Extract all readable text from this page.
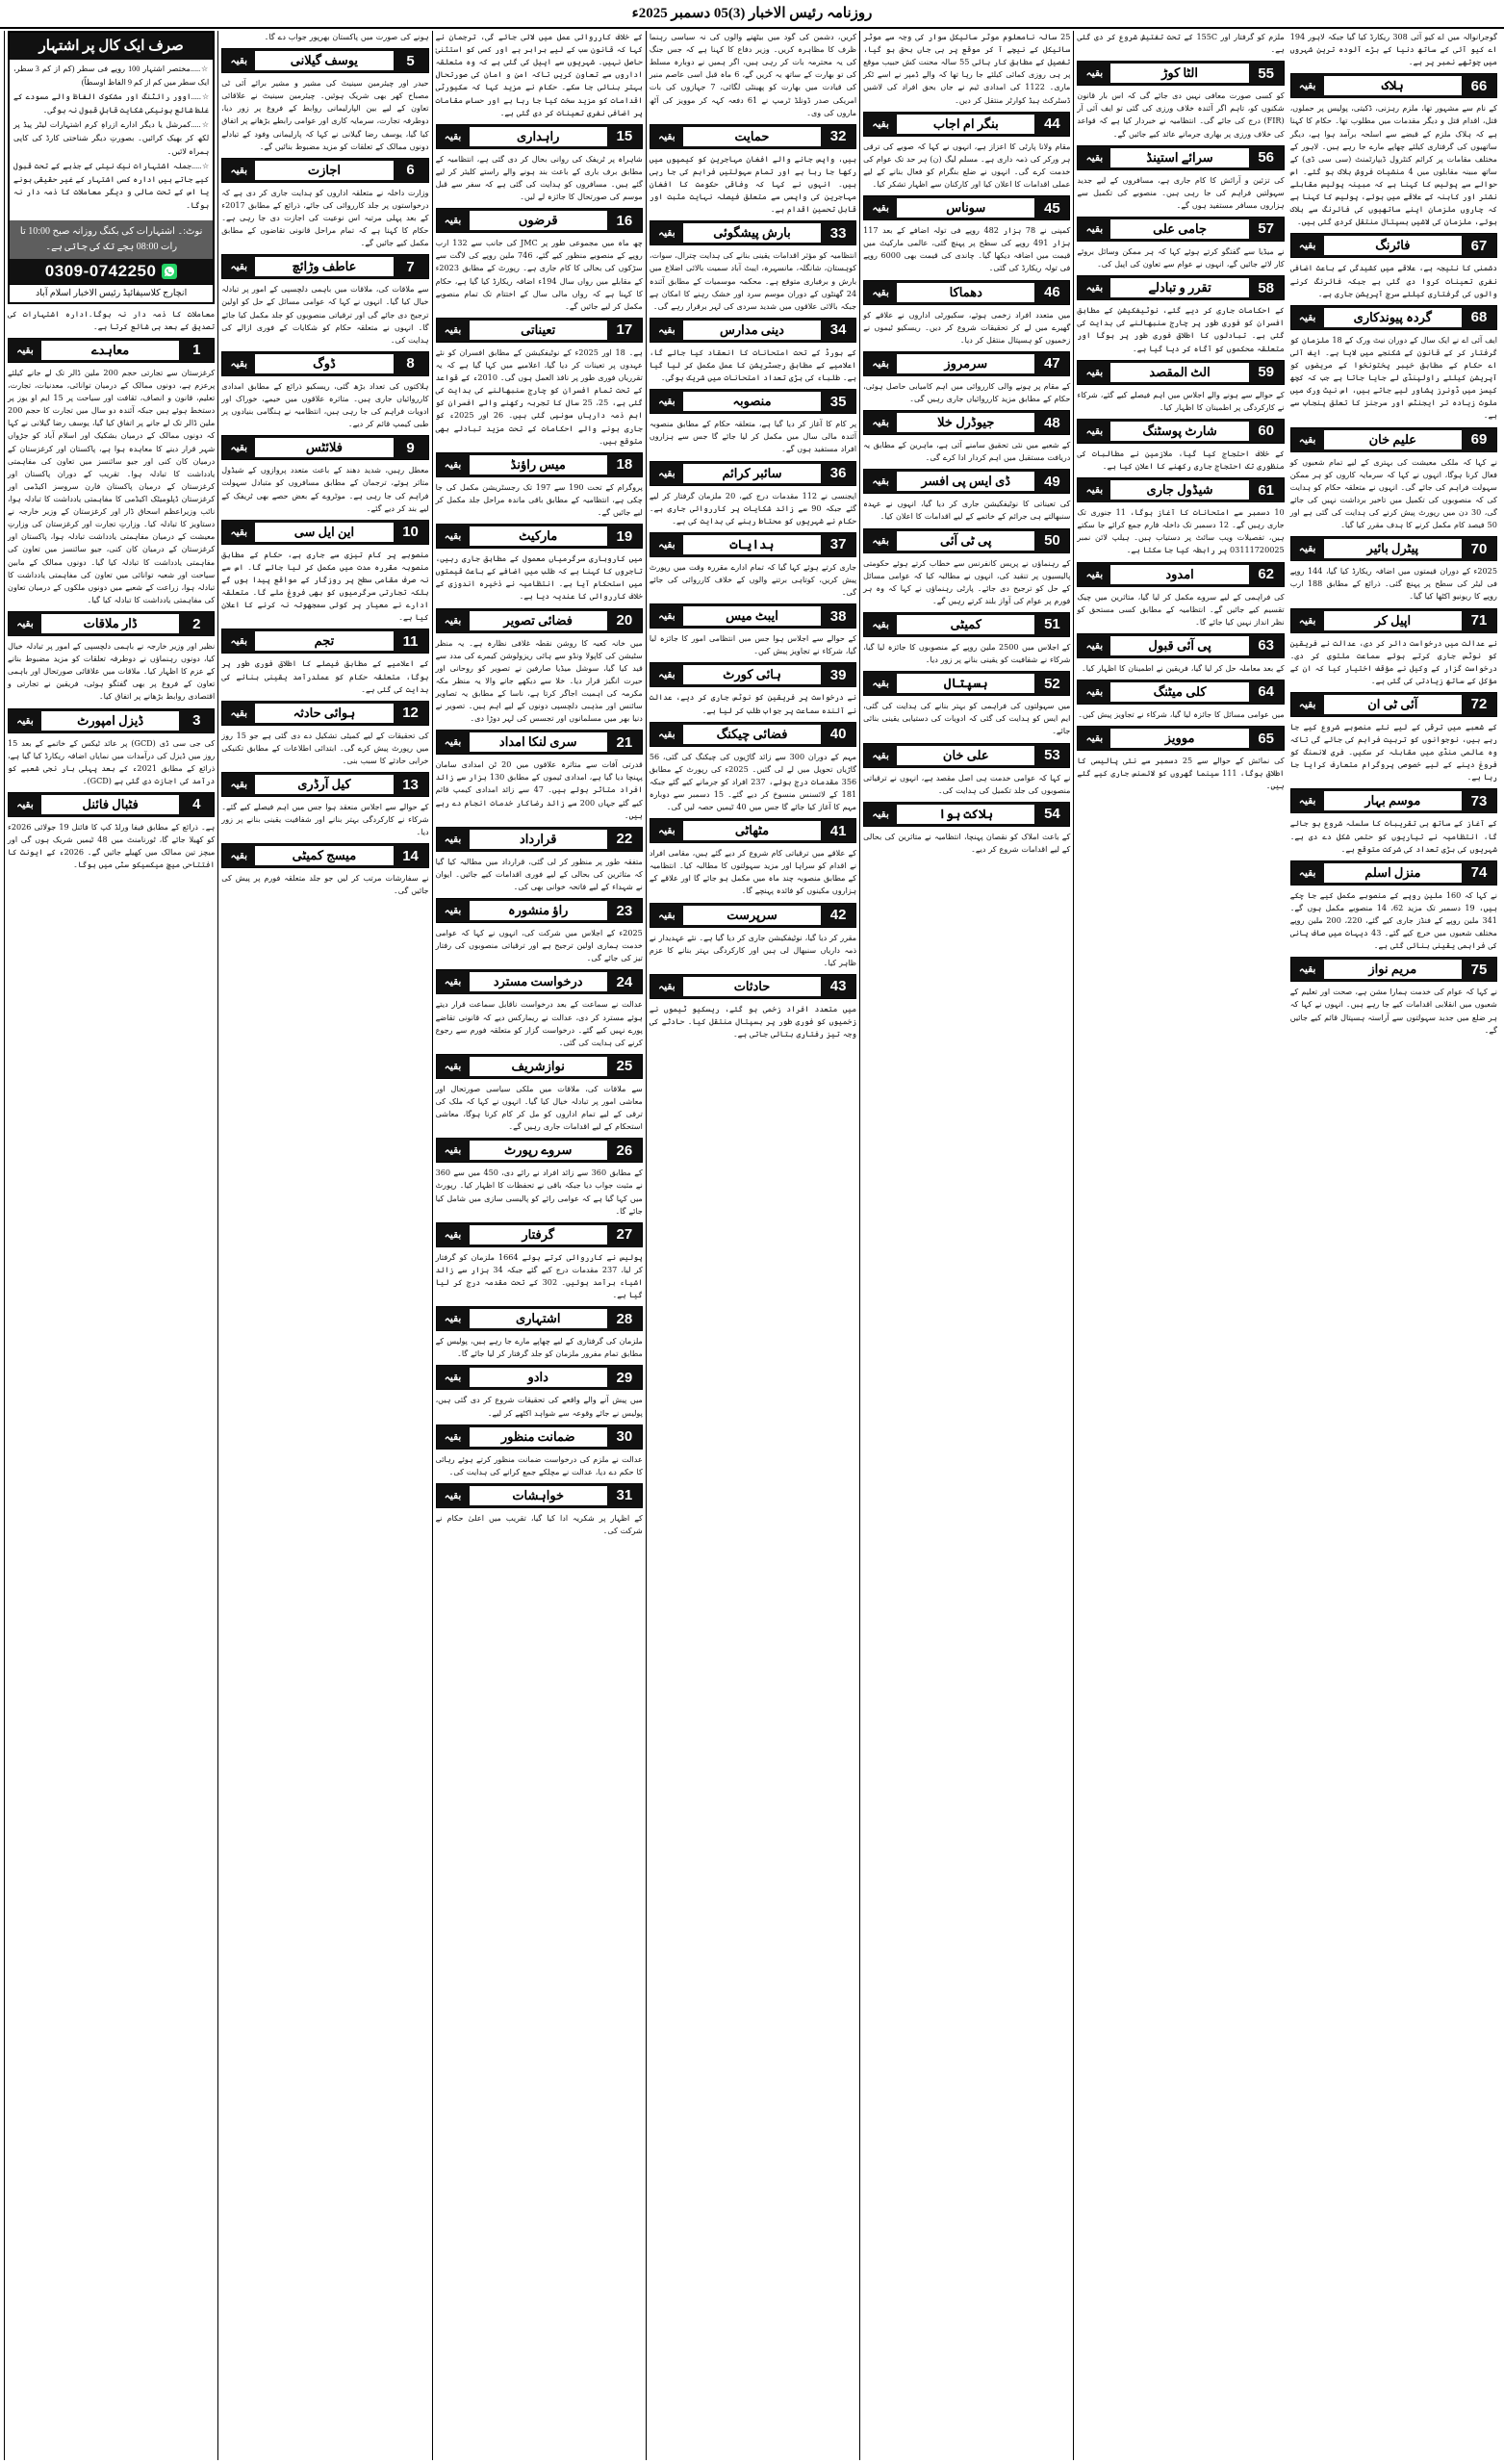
روزنامہ رئیس الاخبار (3)05 دسمبر 2025ء
صرف ایک کال پر اشتہار

☆.....مختصر اشتہار 100 روپے فی سطر (کم از کم 3 سطر، ایک سطر میں کم از کم 9 الفاظ اوسطاً)

☆.....اوور رائٹنگ اور مشکوک الفاظ والے مسودے کے غلط شائع ہونیکی شکایت قابلِ قبول نہ ہوگی۔

☆.....کمرشل یا دیگر ادارے ازراہِ کرم اشتہارات لیٹر پیڈ پر لکھ کر بھیک کرائیں۔ بصورتِ دیگر شناختی کارڈ کی کاپی ہمراہ لائیں۔

☆.....جملہ اشتہارات نیک نیتی کے جذبے کے تحت قبول کیے جاتے ہیں ادارہ کسی اشتہار کے غیر حقیقی ہونے یا اس کے تحت مالی و دیگر معاملات کا ذمہ دار نہ ہوگا۔

نوٹ:۔ اشتہارات کی بکنگ روزانہ صبح 10:00 تا رات 08:00 بجے تک کی جاتی ہے۔
0309-0742250
انچارج کلاسیفائیڈ رئیس الاخبار اسلام آباد

معاملات کا ذمہ دار نہ ہوگا۔ادارہ اشتہارات کی تصدیق کے بعد ہی شائع کرتا ہے۔

بقیہ	معاہدے	1

کرغزستان سے تجارتی حجم 200 ملین ڈالر تک لے جانے کیلئے پرعزم ہے، دونوں ممالک کے درمیان توانائی، معدنیات، تجارت، تعلیم، قانون و انصاف، ثقافت اور سیاحت پر 15 ایم او یوز پر دستخط ہوئے ہیں جبکہ آئندہ دو سال میں تجارت کا حجم 200 ملین ڈالر تک لے جانے پر اتفاق کیا گیا، یوسف رضا گیلانی نے کہا کہ دونوں ممالک کے درمیان بشکیک اور اسلام آباد کو جڑواں شہر قرار دینے کا معاہدہ ہوا ہے، پاکستان اور کرغزستان کے درمیان کان کنی اور جیو سائنسز میں تعاون کی مفاہمتی یادداشت کا تبادلہ ہوا۔ تقریب کے دوران پاکستان اور کرغزستان کے درمیان پاکستان فارن سروسز اکیڈمی اور کرغزستان ڈپلومیٹک اکیڈمی کا مفاہمتی یادداشت کا تبادلہ ہوا، نائب وزیراعظم اسحاق ڈار اور کرغزستان کے وزیر خارجہ نے دستاویز کا تبادلہ کیا۔ وزارتِ تجارت اور کرغزستان کی وزارتِ معیشت کے درمیان مفاہمتی یادداشت تبادلہ ہوا، پاکستان اور کرغزستان کے درمیان کان کنی، جیو سائنسز میں تعاون کی مفاہمتی یادداشت کا تبادلہ کیا گیا۔ دونوں ممالک کے مابین سیاحت اور شعبہ توانائی میں تعاون کی مفاہمتی یادداشت کا تبادلہ ہوا، زراعت کے شعبے میں دونوں ملکوں کے درمیان تعاون کی مفاہمتی یادداشت کا تبادلہ کیا گیا۔

بقیہ	ڈار ملاقات	2

نظیر اور وزیر خارجہ نے باہمی دلچسپی کے امور پر تبادلہ خیال کیا، دونوں رہنماؤں نے دوطرفہ تعلقات کو مزید مضبوط بنانے کے عزم کا اظہار کیا۔ ملاقات میں علاقائی صورتحال اور باہمی تعاون کے فروغ پر بھی گفتگو ہوئی، فریقین نے تجارتی و اقتصادی روابط بڑھانے پر اتفاق کیا۔

بقیہ	ڈیزل امپورٹ	3

کی جی سی ڈی (GCD) پر عائد ٹیکس کے خاتمے کے بعد 15 روز میں ڈیزل کی درآمدات میں نمایاں اضافہ ریکارڈ کیا گیا ہے، ذرائع کے مطابق 2021ء کے بعد پہلی بار نجی شعبے کو درآمد کی اجازت دی گئی ہے (GCD)۔

بقیہ	فٹبال فائنل	4

ہے۔ ذرائع کے مطابق فیفا ورلڈ کپ کا فائنل 19 جولائی 2026ء کو کھیلا جائے گا، ٹورنامنٹ میں 48 ٹیمیں شریک ہوں گی اور میچز تین ممالک میں کھیلے جائیں گے۔ 2026ء کے ایونٹ کا افتتاحی میچ میکسیکو سٹی میں ہوگا۔

ہونے کی صورت میں پاکستان بھرپور جواب دے گا۔

بقیہ	یوسف گیلانی	5

حیدر اور چیئرمین سینیٹ کی مشیر و مشیر برائے آئی ٹی مصباح کھر بھی شریک ہوئیں۔ چیئرمین سینیٹ نے علاقائی تعاون کے لیے بین الپارلیمانی روابط کے فروغ پر زور دیا، دوطرفہ تجارت، سرمایہ کاری اور عوامی رابطے بڑھانے پر اتفاق کیا گیا، یوسف رضا گیلانی نے کہا کہ پارلیمانی وفود کے تبادلے دونوں ممالک کے تعلقات کو مزید مضبوط بنائیں گے۔

بقیہ	اجازت	6

وزارت داخلہ نے متعلقہ اداروں کو ہدایت جاری کر دی ہے کہ درخواستوں پر جلد کارروائی کی جائے، ذرائع کے مطابق 2017ء کے بعد پہلی مرتبہ اس نوعیت کی اجازت دی جا رہی ہے۔ حکام کا کہنا ہے کہ تمام مراحل قانونی تقاضوں کے مطابق مکمل کیے جائیں گے۔

بقیہ	عاطف وڑائچ	7

سے ملاقات کی، ملاقات میں باہمی دلچسپی کے امور پر تبادلہ خیال کیا گیا۔ انہوں نے کہا کہ عوامی مسائل کے حل کو اولین ترجیح دی جائے گی اور ترقیاتی منصوبوں کو جلد مکمل کیا جائے گا۔ انہوں نے متعلقہ حکام کو شکایات کے فوری ازالے کی ہدایت کی۔

بقیہ	ڈوگ	8

ہلاکتوں کی تعداد بڑھ گئی، ریسکیو ذرائع کے مطابق امدادی کارروائیاں جاری ہیں۔ متاثرہ علاقوں میں خیمے، خوراک اور ادویات فراہم کی جا رہی ہیں، انتظامیہ نے ہنگامی بنیادوں پر طبی کیمپ قائم کر دیے۔

بقیہ	فلائٹس	9

معطل رہیں، شدید دھند کے باعث متعدد پروازوں کے شیڈول متاثر ہوئے، ترجمان کے مطابق مسافروں کو متبادل سہولت فراہم کی جا رہی ہے۔ موٹروے کے بعض حصے بھی ٹریفک کے لیے بند کر دیے گئے۔

بقیہ	این ایل سی	10

منصوبے پر کام تیزی سے جاری ہے، حکام کے مطابق منصوبہ مقررہ مدت میں مکمل کر لیا جائے گا۔ اس سے نہ صرف مقامی سطح پر روزگار کے مواقع پیدا ہوں گے بلکہ تجارتی سرگرمیوں کو بھی فروغ ملے گا۔ متعلقہ ادارے نے معیار پر کوئی سمجھوتہ نہ کرنے کا اعلان کیا ہے۔

بقیہ	تجم	11

کے اعلامیے کے مطابق فیصلے کا اطلاق فوری طور پر ہوگا، متعلقہ حکام کو عملدرآمد یقینی بنانے کی ہدایت کی گئی ہے۔

بقیہ	ہوائی حادثہ	12

کی تحقیقات کے لیے کمیٹی تشکیل دے دی گئی ہے جو 15 روز میں رپورٹ پیش کرے گی۔ ابتدائی اطلاعات کے مطابق تکنیکی خرابی حادثے کا سبب بنی۔

بقیہ	کیل آرڈری	13

کے حوالے سے اجلاس منعقد ہوا جس میں اہم فیصلے کیے گئے۔ شرکاء نے کارکردگی بہتر بنانے اور شفافیت یقینی بنانے پر زور دیا۔

بقیہ	میسج کمیٹی	14

نے سفارشات مرتب کر لیں جو جلد متعلقہ فورم پر پیش کی جائیں گی۔

کے خلاف کارروائی عمل میں لائی جائے گی، ترجمان نے کہا کہ قانون سب کے لیے برابر ہے اور کسی کو استثنیٰ حاصل نہیں۔ شہریوں سے اپیل کی گئی ہے کہ وہ متعلقہ اداروں سے تعاون کریں تاکہ امن و امان کی صورتحال بہتر بنائی جا سکے۔ حکام نے مزید کہا کہ سکیورٹی اقدامات کو مزید سخت کیا جا رہا ہے اور حساس مقامات پر اضافی نفری تعینات کر دی گئی ہے۔

بقیہ	راہداری	15

شاہراہ پر ٹریفک کی روانی بحال کر دی گئی ہے، انتظامیہ کے مطابق برف باری کے باعث بند ہونے والے راستے کلیئر کر لیے گئے ہیں۔ مسافروں کو ہدایت کی گئی ہے کہ سفر سے قبل موسم کی صورتحال کا جائزہ لے لیں۔

بقیہ	قرضوں	16

چھ ماہ میں مجموعی طور پر JMC کی جانب سے 132 ارب روپے کے منصوبے منظور کیے گئے، 746 ملین روپے کی لاگت سے سڑکوں کی بحالی کا کام جاری ہے۔ رپورٹ کے مطابق 2023ء کے مقابلے میں رواں سال 194ء اضافہ ریکارڈ کیا گیا ہے، حکام کا کہنا ہے کہ رواں مالی سال کے اختتام تک تمام منصوبے مکمل کر لیے جائیں گے۔

بقیہ	تعیناتی	17

ہے۔ 18 اور 2025ء کے نوٹیفکیشن کے مطابق افسران کو نئے عہدوں پر تعینات کر دیا گیا، اعلامیے میں کہا گیا ہے کہ یہ تقرریاں فوری طور پر نافذ العمل ہوں گی۔ 2010ء کے قواعد کے تحت تمام افسران کو چارج سنبھالنے کی ہدایت کی گئی ہے، 25، 25 سال کا تجربہ رکھنے والے افسران کو اہم ذمہ داریاں سونپی گئی ہیں۔ 26 اور 2025ء کو جاری ہونے والے احکامات کے تحت مزید تبادلے بھی متوقع ہیں۔

بقیہ	میس راؤنڈ	18

پروگرام کے تحت 190 سے 197 تک رجسٹریشن مکمل کی جا چکی ہے، انتظامیہ کے مطابق باقی ماندہ مراحل جلد مکمل کر لیے جائیں گے۔

بقیہ	مارکیٹ	19

میں کاروباری سرگرمیاں معمول کے مطابق جاری رہیں، تاجروں کا کہنا ہے کہ طلب میں اضافے کے باعث قیمتوں میں استحکام آیا ہے۔ انتظامیہ نے ذخیرہ اندوزی کے خلاف کارروائی کا عندیہ دیا ہے۔

بقیہ	فضائی تصویر	20

میں خانہ کعبہ کا روشن نقطہ غلافی نظارہ ہے۔ یہ منظر سٹیشن کی کاپولا ونڈو سے ہائی ریزولوشن کیمرے کی مدد سے قید کیا گیا، سوشل میڈیا صارفین نے تصویر کو روحانی اور حیرت انگیز قرار دیا۔ خلا سے دیکھے جانے والا یہ منظر مکہ مکرمہ کی اہمیت اجاگر کرتا ہے، ناسا کے مطابق یہ تصاویر سائنس اور مذہبی دلچسپی دونوں کے لیے اہم ہیں۔ تصویر نے دنیا بھر میں مسلمانوں اور تجسس کی لہر دوڑا دی۔

بقیہ	سری لنکا امداد	21

قدرتی آفات سے متاثرہ علاقوں میں 20 ٹن امدادی سامان پہنچا دیا گیا ہے، امدادی ٹیموں کے مطابق 130 ہزار سے زائد افراد متاثر ہوئے ہیں۔ 47 سے زائد امدادی کیمپ قائم کیے گئے جہاں 200 سے زائد رضاکار خدمات انجام دے رہے ہیں۔

بقیہ	قرارداد	22

متفقہ طور پر منظور کر لی گئی، قرارداد میں مطالبہ کیا گیا کہ متاثرین کی بحالی کے لیے فوری اقدامات کیے جائیں۔ ایوان نے شہداء کے لیے فاتحہ خوانی بھی کی۔

بقیہ	راؤ منشورہ	23

2025ء کے اجلاس میں شرکت کی، انہوں نے کہا کہ عوامی خدمت ہماری اولین ترجیح ہے اور ترقیاتی منصوبوں کی رفتار تیز کی جائے گی۔

بقیہ	درخواست مسترد	24

عدالت نے سماعت کے بعد درخواست ناقابل سماعت قرار دیتے ہوئے مسترد کر دی، عدالت نے ریمارکس دیے کہ قانونی تقاضے پورے نہیں کیے گئے۔ درخواست گزار کو متعلقہ فورم سے رجوع کرنے کی ہدایت کی گئی۔

بقیہ	نوازشریف	25

سے ملاقات کی، ملاقات میں ملکی سیاسی صورتحال اور معاشی امور پر تبادلہ خیال کیا گیا۔ انہوں نے کہا کہ ملک کی ترقی کے لیے تمام اداروں کو مل کر کام کرنا ہوگا، معاشی استحکام کے لیے اقدامات جاری رہیں گے۔

بقیہ	سروے رپورٹ	26

کے مطابق 360 سے زائد افراد نے رائے دی، 450 میں سے 360 نے مثبت جواب دیا جبکہ باقی نے تحفظات کا اظہار کیا۔ رپورٹ میں کہا گیا ہے کہ عوامی رائے کو پالیسی سازی میں شامل کیا جائے گا۔

بقیہ	گرفتار	27

پولیس نے کارروائی کرتے ہوئے 1664 ملزمان کو گرفتار کر لیا، 237 مقدمات درج کیے گئے جبکہ 34 ہزار سے زائد اشیاء برآمد ہوئیں۔ 302 کے تحت مقدمہ درج کر لیا گیا ہے۔

بقیہ	اشتہاری	28

ملزمان کی گرفتاری کے لیے چھاپے مارے جا رہے ہیں، پولیس کے مطابق تمام مفرور ملزمان کو جلد گرفتار کر لیا جائے گا۔

بقیہ	دادو	29

میں پیش آنے والے واقعے کی تحقیقات شروع کر دی گئی ہیں، پولیس نے جائے وقوعہ سے شواہد اکٹھے کر لیے۔

بقیہ	ضمانت منظور	30

عدالت نے ملزم کی درخواست ضمانت منظور کرتے ہوئے رہائی کا حکم دے دیا، عدالت نے مچلکے جمع کرانے کی ہدایت کی۔

بقیہ	خواہشات	31

کے اظہار پر شکریہ ادا کیا گیا، تقریب میں اعلیٰ حکام نے شرکت کی۔

کریں، دشمن کی گود میں بیٹھنے والوں کی نہ سیاسی رہنما ظرف کا مظاہرہ کریں۔ وزیر دفاع کا کہنا ہے کہ جس جنگ کی یہ محترمہ بات کر رہی ہیں، اگر ہمیں نے دوبارہ مسلط کی تو بھارت کے ساتھ یہ کریں گے، 6 ماہ قبل اسی عاصم منیر کی قیادت میں بھارت کو پھینٹی لگائی، 7 جہازوں کی بات امریکی صدر ڈونلڈ ٹرمپ نے 61 دفعہ کہہ کر موویز کی آٹھ ماروں کی وی۔

بقیہ	حمایت	32

ہیں، واپس جانے والے افغان مہاجرین کو کیمپوں میں رکھا جا رہا ہے اور تمام سہولتیں فراہم کی جا رہی ہیں۔ انہوں نے کہا کہ وفاقی حکومت کا افغان مہاجرین کی واپسی سے متعلق فیصلہ نہایت مثبت اور قابل تحسین اقدام ہے۔

بقیہ	بارش پیشگوئی	33

انتظامیہ کو مؤثر اقدامات یقینی بنانے کی ہدایت چترال، سوات، کوہستان، شانگلہ، مانسہرہ، ایبٹ آباد سمیت بالائی اضلاع میں بارش و برفباری متوقع ہے۔ محکمہ موسمیات کے مطابق آئندہ 24 گھنٹوں کے دوران موسم سرد اور خشک رہنے کا امکان ہے جبکہ بالائی علاقوں میں شدید سردی کی لہر برقرار رہے گی۔

بقیہ	دینی مدارس	34

کے بورڈ کے تحت امتحانات کا انعقاد کیا جائے گا، اعلامیے کے مطابق رجسٹریشن کا عمل مکمل کر لیا گیا ہے۔ طلباء کی بڑی تعداد امتحانات میں شریک ہوگی۔

بقیہ	منصوبہ	35

پر کام کا آغاز کر دیا گیا ہے، متعلقہ حکام کے مطابق منصوبہ آئندہ مالی سال میں مکمل کر لیا جائے گا جس سے ہزاروں افراد مستفید ہوں گے۔

بقیہ	سائبر کرائم	36

ایجنسی نے 112 مقدمات درج کیے، 20 ملزمان گرفتار کر لیے گئے جبکہ 90 سے زائد شکایات پر کارروائی جاری ہے۔ حکام نے شہریوں کو محتاط رہنے کی ہدایت کی ہے۔

بقیہ	ہدایات	37

جاری کرتے ہوئے کہا گیا کہ تمام ادارے مقررہ وقت میں رپورٹ پیش کریں، کوتاہی برتنے والوں کے خلاف کارروائی کی جائے گی۔

بقیہ	ایبٹ میس	38

کے حوالے سے اجلاس ہوا جس میں انتظامی امور کا جائزہ لیا گیا، شرکاء نے تجاویز پیش کیں۔

بقیہ	ہائی کورٹ	39

نے درخواست پر فریقین کو نوٹس جاری کر دیے، عدالت نے آئندہ سماعت پر جواب طلب کر لیا ہے۔

بقیہ	فضائی چیکنگ	40

مہم کے دوران 300 سے زائد گاڑیوں کی چیکنگ کی گئی، 56 گاڑیاں تحویل میں لے لی گئیں۔ 2025ء کی رپورٹ کے مطابق 356 مقدمات درج ہوئے، 237 افراد کو جرمانے کیے گئے جبکہ 181 کے لائسنس منسوخ کر دیے گئے۔ 15 دسمبر سے دوبارہ مہم کا آغاز کیا جائے گا جس میں 40 ٹیمیں حصہ لیں گی۔

بقیہ	مٹھاٹی	41

کے علاقے میں ترقیاتی کام شروع کر دیے گئے ہیں، مقامی افراد نے اقدام کو سراہا اور مزید سہولتوں کا مطالبہ کیا۔ انتظامیہ کے مطابق منصوبہ چند ماہ میں مکمل ہو جائے گا اور علاقے کے ہزاروں مکینوں کو فائدہ پہنچے گا۔

بقیہ	سرپرست	42

مقرر کر دیا گیا، نوٹیفکیشن جاری کر دیا گیا ہے۔ نئے عہدیدار نے ذمہ داریاں سنبھال لی ہیں اور کارکردگی بہتر بنانے کا عزم ظاہر کیا۔

بقیہ	حادثات	43

میں متعدد افراد زخمی ہو گئے، ریسکیو ٹیموں نے زخمیوں کو فوری طور پر ہسپتال منتقل کیا۔ حادثے کی وجہ تیز رفتاری بتائی جاتی ہے۔

25 سالہ نامعلوم موٹر سائیکل سوار کی وجہ سے موٹر سائیکل کے نیچے آ کر موقع پر ہی جاں بحق ہو گیا، تفصیل کے مطابق کار ہائی 55 سالہ محنت کش حبیب موقع پر ہی روزی کمائی کیلئے جا رہا تھا کہ والے ڈمپر نے اسے ٹکر ماری۔ 1122 کی امدادی ٹیم نے جاں بحق افراد کی لاشیں ڈسٹرکٹ ہیڈ کوارٹر منتقل کر دیں۔

بقیہ	بنگر ام اجاب	44

مقام ولانا پارٹی کا اعزاز ہے، انہوں نے کہا کہ صوبے کی ترقی ہر ورکر کی ذمہ داری ہے۔ مسلم لیگ (ن) ہر حد تک عوام کی خدمت کرے گی۔ انہوں نے ضلع بنگرام کو فعال بنانے کے لیے عملی اقدامات کا اعلان کیا اور کارکنان سے اظہار تشکر کیا۔

بقیہ	سوناس	45

کمپنی نے 78 ہزار 482 روپے فی تولہ اضافے کے بعد 117 ہزار 491 روپے کی سطح پر پہنچ گئی، عالمی مارکیٹ میں قیمت میں اضافہ دیکھا گیا۔ چاندی کی قیمت بھی 6000 روپے فی تولہ ریکارڈ کی گئی۔

بقیہ	دھماکا	46

میں متعدد افراد زخمی ہوئے، سکیورٹی اداروں نے علاقے کو گھیرے میں لے کر تحقیقات شروع کر دیں۔ ریسکیو ٹیموں نے زخمیوں کو ہسپتال منتقل کر دیا۔

بقیہ	سرمروز	47

کے مقام پر ہونے والی کارروائی میں اہم کامیابی حاصل ہوئی، حکام کے مطابق مزید کارروائیاں جاری رہیں گی۔

بقیہ	جیوڈرل خلا	48

کے شعبے میں نئی تحقیق سامنے آئی ہے، ماہرین کے مطابق یہ دریافت مستقبل میں اہم کردار ادا کرے گی۔

بقیہ	ڈی ایس پی افسر	49

کی تعیناتی کا نوٹیفکیشن جاری کر دیا گیا، انہوں نے عہدہ سنبھالتے ہی جرائم کے خاتمے کے لیے اقدامات کا اعلان کیا۔

بقیہ	پی ٹی آئی	50

کے رہنماؤں نے پریس کانفرنس سے خطاب کرتے ہوئے حکومتی پالیسیوں پر تنقید کی، انہوں نے مطالبہ کیا کہ عوامی مسائل کے حل کو ترجیح دی جائے۔ پارٹی رہنماؤں نے کہا کہ وہ ہر فورم پر عوام کی آواز بلند کرتے رہیں گے۔

بقیہ	کمیٹی	51

کے اجلاس میں 2500 ملین روپے کے منصوبوں کا جائزہ لیا گیا، شرکاء نے شفافیت کو یقینی بنانے پر زور دیا۔

بقیہ	ہسپتال	52

میں سہولتوں کی فراہمی کو بہتر بنانے کی ہدایت کی گئی، ایم ایس کو ہدایت کی گئی کہ ادویات کی دستیابی یقینی بنائی جائے۔

بقیہ	علی خان	53

نے کہا کہ عوامی خدمت ہی اصل مقصد ہے، انہوں نے ترقیاتی منصوبوں کی جلد تکمیل کی ہدایت کی۔

بقیہ	ہلاکت ہوا	54

کے باعث املاک کو نقصان پہنچا، انتظامیہ نے متاثرین کی بحالی کے لیے اقدامات شروع کر دیے۔

ملزم کو گرفتار اور 155C کے تحت تفتیش شروع کر دی گئی ہے۔

بقیہ	الٹا کوڑ	55

کو کسی صورت معافی نہیں دی جائے گی کہ اس بار قانون شکنوں کو، تاہم اگر آئندہ خلاف ورزی کی گئی تو ایف آئی آر (FIR) درج کی جائے گی۔ انتظامیہ نے خبردار کیا ہے کہ قواعد کی خلاف ورزی پر بھاری جرمانے عائد کیے جائیں گے۔

بقیہ	سرائے استینڈ	56

کی تزئین و آرائش کا کام جاری ہے، مسافروں کے لیے جدید سہولتیں فراہم کی جا رہی ہیں۔ منصوبے کی تکمیل سے ہزاروں مسافر مستفید ہوں گے۔

بقیہ	جامی علی	57

نے میڈیا سے گفتگو کرتے ہوئے کہا کہ ہر ممکن وسائل بروئے کار لائے جائیں گے، انہوں نے عوام سے تعاون کی اپیل کی۔

بقیہ	تقرر و تبادلے	58

کے احکامات جاری کر دیے گئے، نوٹیفکیشن کے مطابق افسران کو فوری طور پر چارج سنبھالنے کی ہدایت کی گئی ہے۔ تبادلوں کا اطلاق فوری طور پر ہوگا اور متعلقہ محکموں کو آگاہ کر دیا گیا ہے۔

بقیہ	الٹ المقصد	59

کے حوالے سے ہونے والے اجلاس میں اہم فیصلے کیے گئے، شرکاء نے کارکردگی پر اطمینان کا اظہار کیا۔

بقیہ	شارٹ پوسٹنگ	60

کے خلاف احتجاج کیا گیا، ملازمین نے مطالبات کی منظوری تک احتجاج جاری رکھنے کا اعلان کیا ہے۔

بقیہ	شیڈول جاری	61

10 دسمبر سے امتحانات کا آغاز ہوگا، 11 جنوری تک جاری رہیں گے۔ 12 دسمبر تک داخلہ فارم جمع کرائے جا سکتے ہیں، تفصیلات ویب سائٹ پر دستیاب ہیں۔ ہیلپ لائن نمبر 03111720025 پر رابطہ کیا جا سکتا ہے۔

بقیہ	امدود	62

کی فراہمی کے لیے سروے مکمل کر لیا گیا، متاثرین میں چیک تقسیم کیے جائیں گے۔ انتظامیہ کے مطابق کسی مستحق کو نظر انداز نہیں کیا جائے گا۔

بقیہ	پی آئی قبول	63

کے بعد معاملہ حل کر لیا گیا، فریقین نے اطمینان کا اظہار کیا۔

بقیہ	کلی میٹنگ	64

میں عوامی مسائل کا جائزہ لیا گیا، شرکاء نے تجاویز پیش کیں۔

بقیہ	موویز	65

کی نمائش کے حوالے سے 25 دسمبر سے نئی پالیسی کا اطلاق ہوگا، 111 سینما گھروں کو لائسنس جاری کیے گئے ہیں۔

گوجرانوالہ میں اے کیو آئی 308 ریکارڈ کیا گیا جبکہ لاہور 194 اے کیو آئی کے ساتھ دنیا کے بڑے آلودہ ترین شہروں میں چوتھے نمبر پر ہے۔

بقیہ	ہلاک	66

کے نام سے مشہور تھا، ملزم رہزنی، ڈکیتی، پولیس پر حملوں، قتل، اقدام قتل و دیگر مقدمات میں مطلوب تھا۔ حکام کا کہنا ہے کہ ہلاک ملزم کے قبضے سے اسلحہ برآمد ہوا ہے، دیگر ساتھیوں کی گرفتاری کیلئے چھاپے مارے جا رہے ہیں۔ لاہور کے مختلف مقامات پر کرائم کنٹرول ڈیپارٹمنٹ (سی سی ڈی) کے ساتھ مبینہ مقابلوں میں 4 منشیات فروش ہلاک ہو گئے۔ اس حوالے سے پولیس کا کہنا ہے کہ مبینہ پولیس مقابلے نشتر اور کاہنہ کے علاقے میں ہوئے، پولیس کا کہنا ہے کہ چاروں ملزمان اپنے ساتھیوں کی فائرنگ سے ہلاک ہوئے، ملزمان کی لاشیں ہسپتال منتقل کردی گئی ہیں۔

بقیہ	فائرنگ	67

دشمنی کا نتیجہ ہے، علاقے میں کشیدگی کے باعث اضافی نفری تعینات کروا دی گئی ہے جبکہ فائرنگ کرنے والوں کی گرفتاری کیلئے سرچ آپریشن جاری ہے۔

بقیہ	گردہ پیوندکاری	68

ایف آئی اے نے ایک سال کے دوران نیٹ ورک کے 18 ملزمان کو گرفتار کر کے قانون کے شکنجے میں لایا ہے۔ ایف آئی اے حکام کے مطابق خیبر پختونخوا کے مریضوں کو آپریشن کیلئے راولپنڈی لے جایا جاتا ہے جب کہ کچھ کیسز میں ڈونرز پشاور لیے جاتے ہیں، اس نیٹ ورک میں ملوث زیادہ تر ایجنٹس اور سرجنز کا تعلق پنجاب سے ہے۔

بقیہ	علیم خان	69

نے کہا کہ ملکی معیشت کی بہتری کے لیے تمام شعبوں کو فعال کرنا ہوگا، انہوں نے کہا کہ سرمایہ کاروں کو ہر ممکن سہولت فراہم کی جائے گی۔ انہوں نے متعلقہ حکام کو ہدایت کی کہ منصوبوں کی تکمیل میں تاخیر برداشت نہیں کی جائے گی، 30 دن میں رپورٹ پیش کرنے کی ہدایت کی گئی ہے اور 50 فیصد کام مکمل کرنے کا ہدف مقرر کیا گیا۔

بقیہ	پیٹرل بائیر	70

2025ء کے دوران قیمتوں میں اضافہ ریکارڈ کیا گیا، 144 روپے فی لیٹر کی سطح پر پہنچ گئی۔ ذرائع کے مطابق 188 ارب روپے کا ریونیو اکٹھا کیا گیا۔

بقیہ	اپیل کر	71

نے عدالت میں درخواست دائر کر دی، عدالت نے فریقین کو نوٹس جاری کرتے ہوئے سماعت ملتوی کر دی۔ درخواست گزار کے وکیل نے مؤقف اختیار کیا کہ ان کے مؤکل کے ساتھ زیادتی کی گئی ہے۔

بقیہ	آئی ٹی ان	72

کے شعبے میں ترقی کے لیے نئے منصوبے شروع کیے جا رہے ہیں، نوجوانوں کو تربیت فراہم کی جائے گی تاکہ وہ عالمی منڈی میں مقابلہ کر سکیں۔ فری لانسنگ کو فروغ دینے کے لیے خصوصی پروگرام متعارف کرایا جا رہا ہے۔

بقیہ	موسم بہار	73

کے آغاز کے ساتھ ہی تقریبات کا سلسلہ شروع ہو جائے گا، انتظامیہ نے تیاریوں کو حتمی شکل دے دی ہے۔ شہریوں کی بڑی تعداد کی شرکت متوقع ہے۔

بقیہ	منزل اسلم	74

نے کہا کہ 160 ملین روپے کے منصوبے مکمل کیے جا چکے ہیں، 19 دسمبر تک مزید 62، 14 منصوبے مکمل ہوں گے۔ 341 ملین روپے کے فنڈز جاری کیے گئے، 220، 200 ملین روپے مختلف شعبوں میں خرچ کیے گئے۔ 43 دیہات میں صاف پانی کی فراہمی یقینی بنائی گئی ہے۔

بقیہ	مریم نواز	75

نے کہا کہ عوام کی خدمت ہمارا مشن ہے، صحت اور تعلیم کے شعبوں میں انقلابی اقدامات کیے جا رہے ہیں۔ انہوں نے کہا کہ ہر ضلع میں جدید سہولتوں سے آراستہ ہسپتال قائم کیے جائیں گے۔
